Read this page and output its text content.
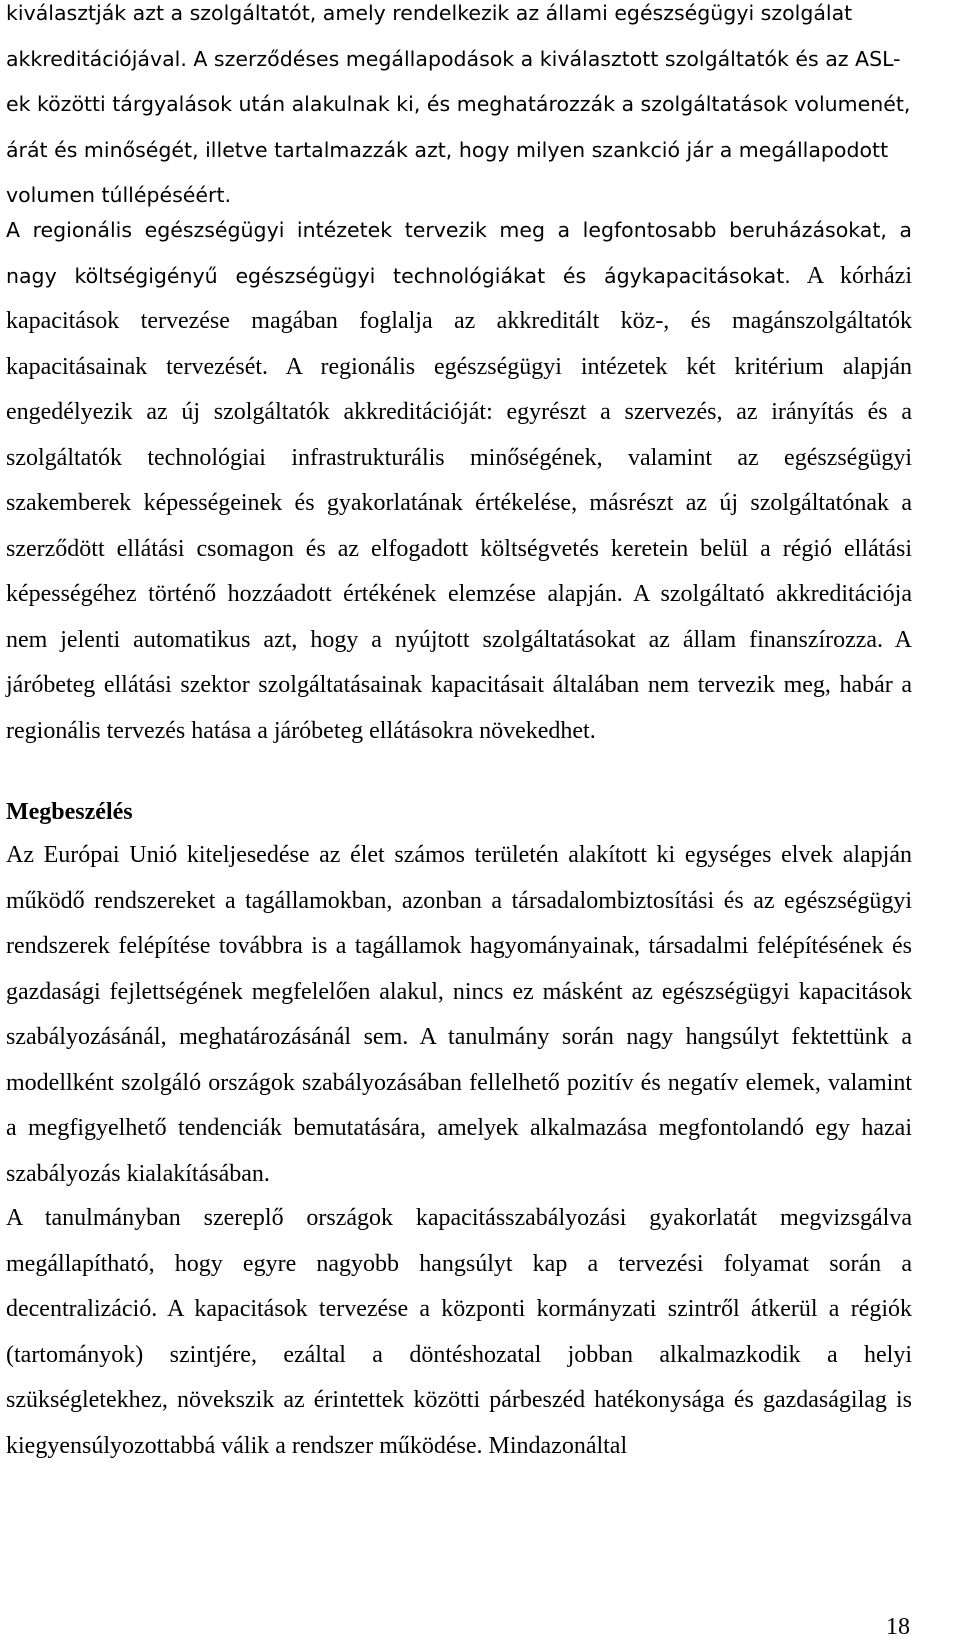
kiválasztják azt a szolgáltatót, amely rendelkezik az állami egészségügyi szolgálat akkreditációjával. A szerződéses megállapodások a kiválasztott szolgáltatók és az ASL-ek közötti tárgyalások után alakulnak ki, és meghatározzák a szolgáltatások volumenét, árát és minőségét, illetve tartalmazzák azt, hogy milyen szankció jár a megállapodott volumen túllépéséért.

A regionális egészségügyi intézetek tervezik meg a legfontosabb beruházásokat, a nagy költségigényű egészségügyi technológiákat és ágykapacitásokat. A kórházi kapacitások tervezése magában foglalja az akkreditált köz-, és magánszolgáltatók kapacitásainak tervezését. A regionális egészségügyi intézetek két kritérium alapján engedélyezik az új szolgáltatók akkreditációját: egyrészt a szervezés, az irányítás és a szolgáltatók technológiai infrastrukturális minőségének, valamint az egészségügyi szakemberek képességeinek és gyakorlatának értékelése, másrészt az új szolgáltatónak a szerződött ellátási csomagon és az elfogadott költségvetés keretein belül a régió ellátási képességéhez történő hozzáadott értékének elemzése alapján. A szolgáltató akkreditációja nem jelenti automatikus azt, hogy a nyújtott szolgáltatásokat az állam finanszírozza. A járóbeteg ellátási szektor szolgáltatásainak kapacitásait általában nem tervezik meg, habár a regionális tervezés hatása a járóbeteg ellátásokra növekedhet.

Megbeszélés

Az Európai Unió kiteljesedése az élet számos területén alakított ki egységes elvek alapján működő rendszereket a tagállamokban, azonban a társadalombiztosítási és az egészségügyi rendszerek felépítése továbbra is a tagállamok hagyományainak, társadalmi felépítésének és gazdasági fejlettségének megfelelően alakul, nincs ez másként az egészségügyi kapacitások szabályozásánál, meghatározásánál sem. A tanulmány során nagy hangsúlyt fektettünk a modellként szolgáló országok szabályozásában fellelhető pozitív és negatív elemek, valamint a megfigyelhető tendenciák bemutatására, amelyek alkalmazása megfontolandó egy hazai szabályozás kialakításában.

A tanulmányban szereplő országok kapacitásszabályozási gyakorlatát megvizsgálva megállapítható, hogy egyre nagyobb hangsúlyt kap a tervezési folyamat során a decentralizáció. A kapacitások tervezése a központi kormányzati szintről átkerül a régiók (tartományok) szintjére, ezáltal a döntéshozatal jobban alkalmazkodik a helyi szükségletekhez, növekszik az érintettek közötti párbeszéd hatékonysága és gazdaságilag is kiegyensúlyozottabbá válik a rendszer működése. Mindazonáltal

18
